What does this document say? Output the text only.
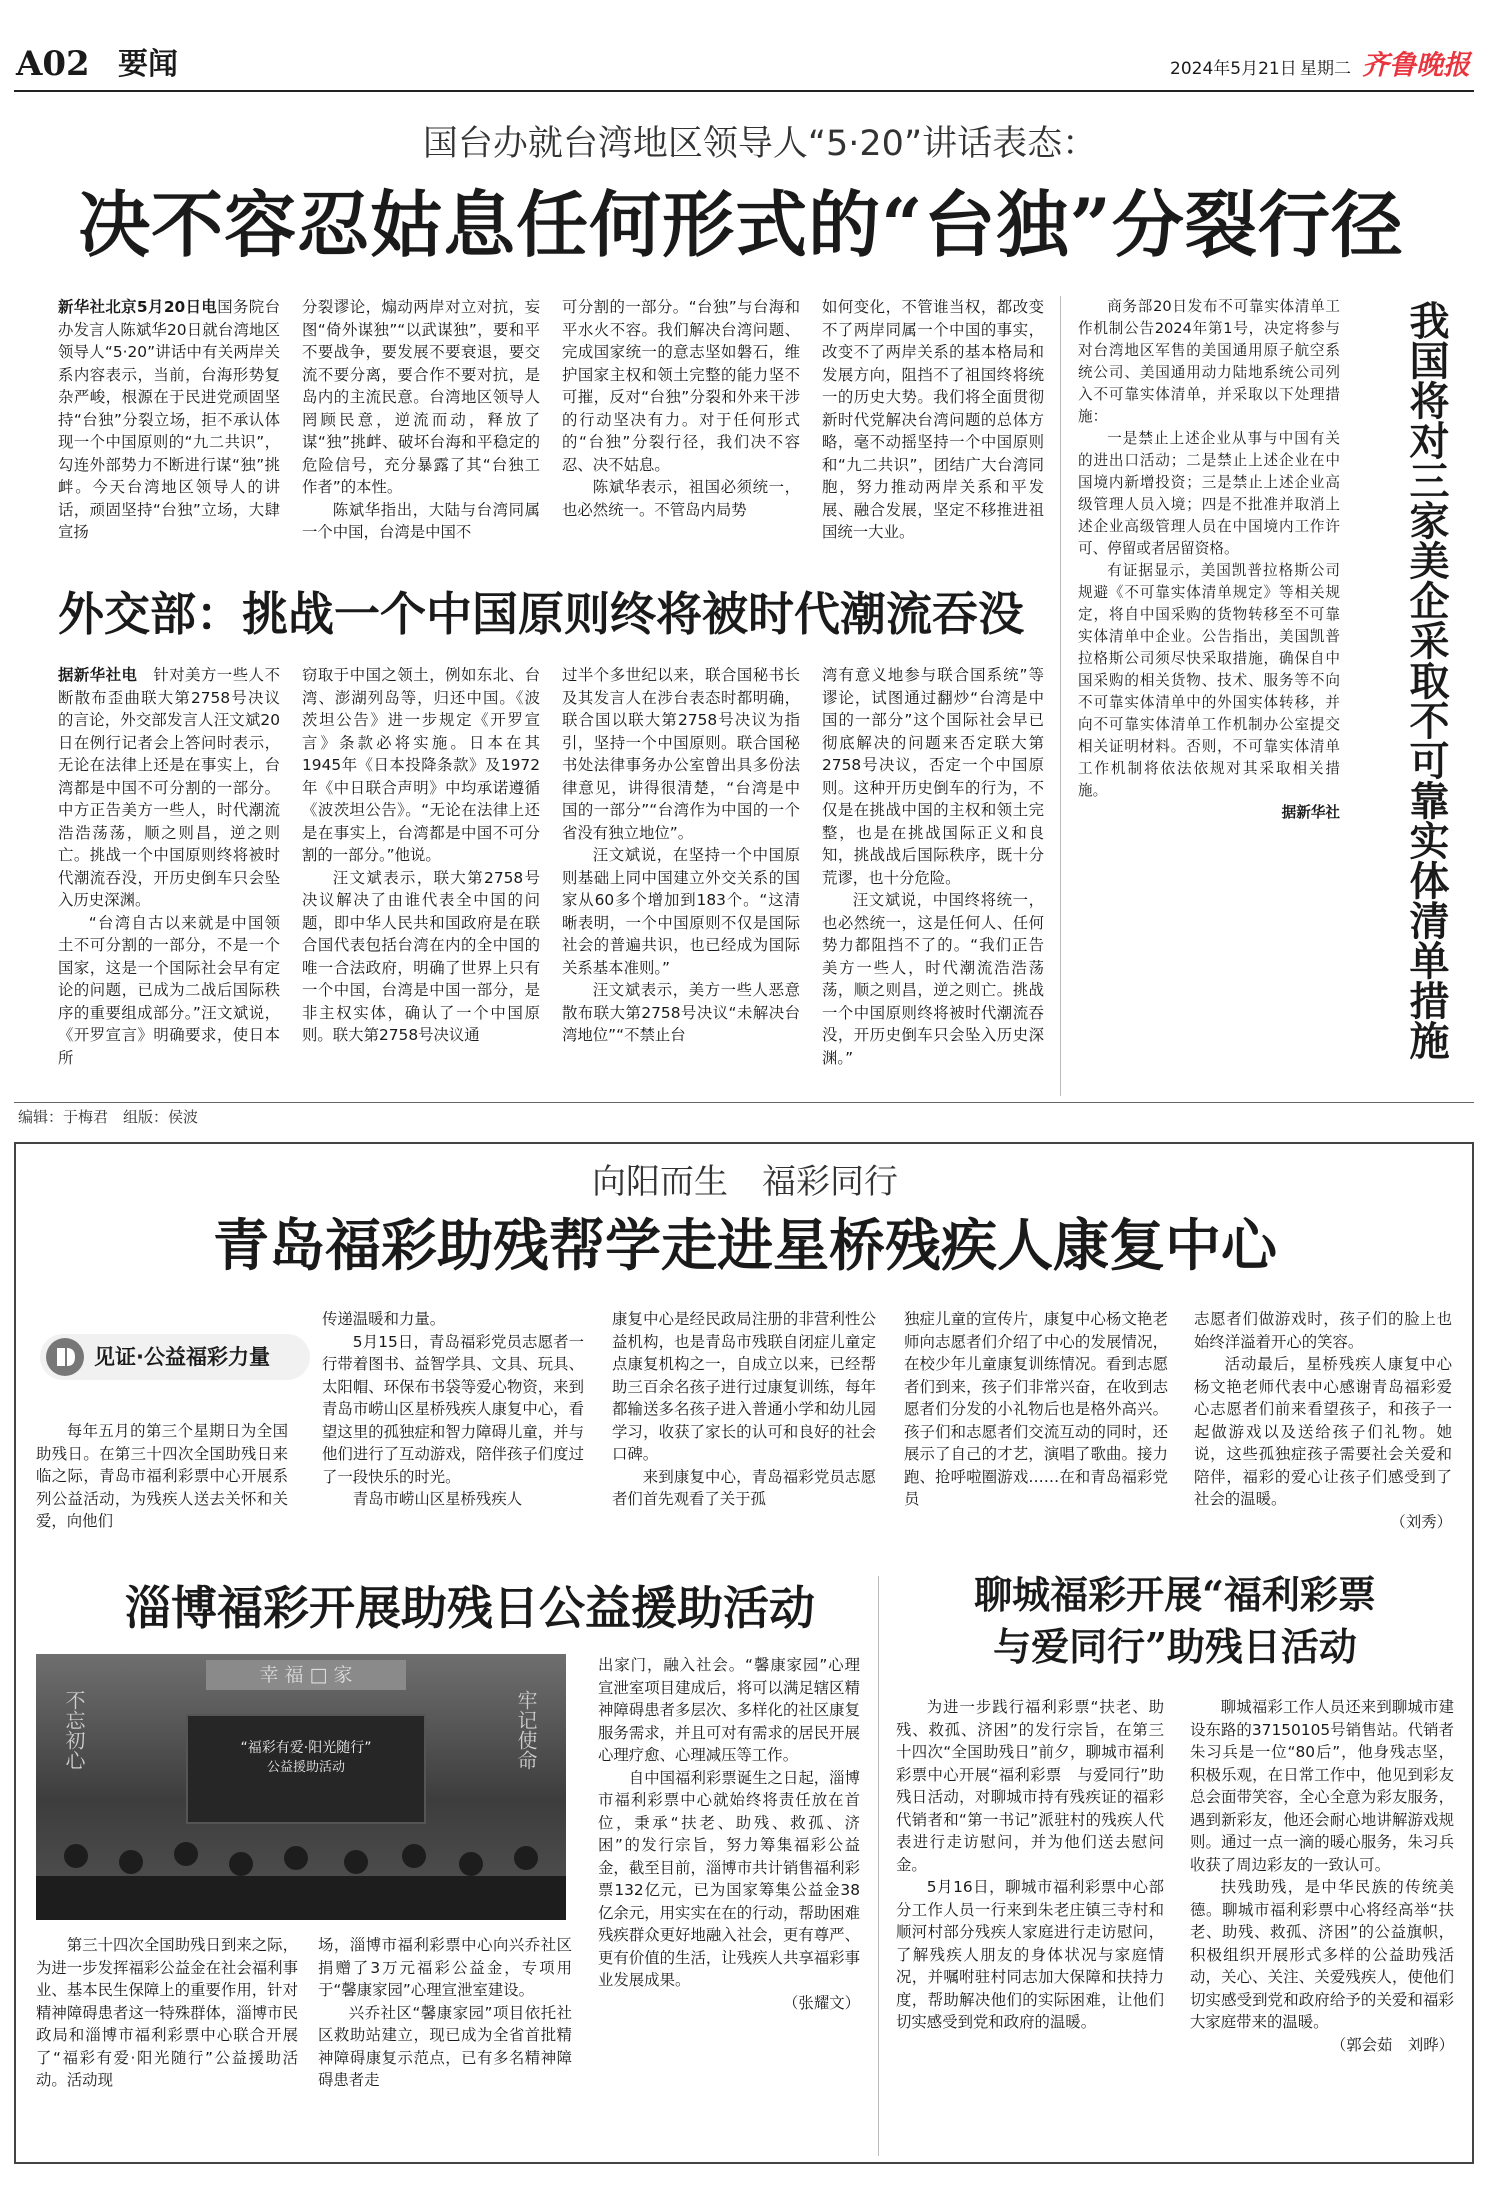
A02 要闻	2024年5月21日 星期二 齐鲁晚报
国台办就台湾地区领导人“5·20”讲话表态：
决不容忍姑息任何形式的“台独”分裂行径
新华社北京5月20日电国务院台办发言人陈斌华20日就台湾地区领导人“5·20”讲话中有关两岸关系内容表示，当前，台海形势复杂严峻，根源在于民进党顽固坚持“台独”分裂立场，拒不承认体现一个中国原则的“九二共识”，勾连外部势力不断进行谋“独”挑衅。今天台湾地区领导人的讲话，顽固坚持“台独”立场，大肆宣扬
分裂谬论，煽动两岸对立对抗，妄图“倚外谋独”“以武谋独”，要和平不要战争，要发展不要衰退，要交流不要分离，要合作不要对抗，是岛内的主流民意。台湾地区领导人罔顾民意，逆流而动，释放了谋“独”挑衅、破坏台海和平稳定的危险信号，充分暴露了其“台独工作者”的本性。
陈斌华指出，大陆与台湾同属一个中国，台湾是中国不
可分割的一部分。“台独”与台海和平水火不容。我们解决台湾问题、完成国家统一的意志坚如磐石，维护国家主权和领土完整的能力坚不可摧，反对“台独”分裂和外来干涉的行动坚决有力。对于任何形式的“台独”分裂行径，我们决不容忍、决不姑息。
陈斌华表示，祖国必须统一，也必然统一。不管岛内局势
如何变化，不管谁当权，都改变不了两岸同属一个中国的事实，改变不了两岸关系的基本格局和发展方向，阻挡不了祖国终将统一的历史大势。我们将全面贯彻新时代党解决台湾问题的总体方略，毫不动摇坚持一个中国原则和“九二共识”，团结广大台湾同胞，努力推动两岸关系和平发展、融合发展，坚定不移推进祖国统一大业。
商务部20日发布不可靠实体清单工作机制公告2024年第1号，决定将参与对台湾地区军售的美国通用原子航空系统公司、美国通用动力陆地系统公司列入不可靠实体清单，并采取以下处理措施：
一是禁止上述企业从事与中国有关的进出口活动；二是禁止上述企业在中国境内新增投资；三是禁止上述企业高级管理人员入境；四是不批准并取消上述企业高级管理人员在中国境内工作许可、停留或者居留资格。
有证据显示，美国凯普拉格斯公司规避《不可靠实体清单规定》等相关规定，将自中国采购的货物转移至不可靠实体清单中企业。公告指出，美国凯普拉格斯公司须尽快采取措施，确保自中国采购的相关货物、技术、服务等不向不可靠实体清单中的外国实体转移，并向不可靠实体清单工作机制办公室提交相关证明材料。否则，不可靠实体清单工作机制将依法依规对其采取相关措施。
据新华社	我国将对三家美企采取不可靠实体清单措施
外交部：挑战一个中国原则终将被时代潮流吞没
据新华社电　 针对美方一些人不断散布歪曲联大第2758号决议的言论，外交部发言人汪文斌20日在例行记者会上答问时表示，无论在法律上还是在事实上，台湾都是中国不可分割的一部分。中方正告美方一些人，时代潮流浩浩荡荡，顺之则昌，逆之则亡。挑战一个中国原则终将被时代潮流吞没，开历史倒车只会坠入历史深渊。
“台湾自古以来就是中国领土不可分割的一部分，不是一个国家，这是一个国际社会早有定论的问题，已成为二战后国际秩序的重要组成部分。”汪文斌说，《开罗宣言》明确要求，使日本所
窃取于中国之领土，例如东北、台湾、澎湖列岛等，归还中国。《波茨坦公告》进一步规定《开罗宣言》条款必将实施。日本在其1945年《日本投降条款》及1972年《中日联合声明》中均承诺遵循《波茨坦公告》。“无论在法律上还是在事实上，台湾都是中国不可分割的一部分。”他说。
汪文斌表示，联大第2758号决议解决了由谁代表全中国的问题，即中华人民共和国政府是在联合国代表包括台湾在内的全中国的唯一合法政府，明确了世界上只有一个中国，台湾是中国一部分，是非主权实体，确认了一个中国原则。联大第2758号决议通
过半个多世纪以来，联合国秘书长及其发言人在涉台表态时都明确，联合国以联大第2758号决议为指引，坚持一个中国原则。联合国秘书处法律事务办公室曾出具多份法律意见，讲得很清楚，“台湾是中国的一部分”“台湾作为中国的一个省没有独立地位”。
汪文斌说，在坚持一个中国原则基础上同中国建立外交关系的国家从60多个增加到183个。“这清晰表明，一个中国原则不仅是国际社会的普遍共识，也已经成为国际关系基本准则。”
汪文斌表示，美方一些人恶意散布联大第2758号决议“未解决台湾地位”“不禁止台
湾有意义地参与联合国系统”等谬论，试图通过翻炒“台湾是中国的一部分”这个国际社会早已彻底解决的问题来否定联大第2758号决议，否定一个中国原则。这种开历史倒车的行为，不仅是在挑战中国的主权和领土完整，也是在挑战国际正义和良知，挑战战后国际秩序，既十分荒谬，也十分危险。
汪文斌说，中国终将统一，也必然统一，这是任何人、任何势力都阻挡不了的。“我们正告美方一些人，时代潮流浩浩荡荡，顺之则昌，逆之则亡。挑战一个中国原则终将被时代潮流吞没，开历史倒车只会坠入历史深渊。”
编辑：于梅君　组版：侯波
向阳而生　福彩同行
青岛福彩助残帮学走进星桥残疾人康复中心
见证·公益福彩力量
每年五月的第三个星期日为全国助残日。在第三十四次全国助残日来临之际，青岛市福利彩票中心开展系列公益活动，为残疾人送去关怀和关爱，向他们
传递温暖和力量。
5月15日，青岛福彩党员志愿者一行带着图书、益智学具、文具、玩具、太阳帽、环保布书袋等爱心物资，来到青岛市崂山区星桥残疾人康复中心，看望这里的孤独症和智力障碍儿童，并与他们进行了互动游戏，陪伴孩子们度过了一段快乐的时光。
青岛市崂山区星桥残疾人
康复中心是经民政局注册的非营利性公益机构，也是青岛市残联自闭症儿童定点康复机构之一，自成立以来，已经帮助三百余名孩子进行过康复训练，每年都输送多名孩子进入普通小学和幼儿园学习，收获了家长的认可和良好的社会口碑。
来到康复中心，青岛福彩党员志愿者们首先观看了关于孤
独症儿童的宣传片，康复中心杨文艳老师向志愿者们介绍了中心的发展情况，在校少年儿童康复训练情况。看到志愿者们到来，孩子们非常兴奋，在收到志愿者们分发的小礼物后也是格外高兴。孩子们和志愿者们交流互动的同时，还展示了自己的才艺，演唱了歌曲。接力跑、抢呼啦圈游戏……在和青岛福彩党员
志愿者们做游戏时，孩子们的脸上也始终洋溢着开心的笑容。
活动最后，星桥残疾人康复中心杨文艳老师代表中心感谢青岛福彩爱心志愿者们前来看望孩子，和孩子一起做游戏以及送给孩子们礼物。她说，这些孤独症孩子需要社会关爱和陪伴，福彩的爱心让孩子们感受到了社会的温暖。
（刘秀）
淄博福彩开展助残日公益援助活动
幸 福 □ 家
不忘初心	牢记使命
“福彩有爱·阳光随行”
公益援助活动
第三十四次全国助残日到来之际，为进一步发挥福彩公益金在社会福利事业、基本民生保障上的重要作用，针对精神障碍患者这一特殊群体，淄博市民政局和淄博市福利彩票中心联合开展了“福彩有爱·阳光随行”公益援助活动。活动现
场，淄博市福利彩票中心向兴乔社区捐赠了3万元福彩公益金，专项用于“馨康家园”心理宣泄室建设。
兴乔社区“馨康家园”项目依托社区救助站建立，现已成为全省首批精神障碍康复示范点，已有多名精神障碍患者走
出家门，融入社会。“馨康家园”心理宣泄室项目建成后，将可以满足辖区精神障碍患者多层次、多样化的社区康复服务需求，并且可对有需求的居民开展心理疗愈、心理减压等工作。
自中国福利彩票诞生之日起，淄博市福利彩票中心就始终将责任放在首位，秉承“扶老、助残、救孤、济困”的发行宗旨，努力筹集福彩公益金，截至目前，淄博市共计销售福利彩票132亿元，已为国家筹集公益金38亿余元，用实实在在的行动，帮助困难残疾群众更好地融入社会，更有尊严、更有价值的生活，让残疾人共享福彩事业发展成果。
（张耀文）
聊城福彩开展“福利彩票
与爱同行”助残日活动
为进一步践行福利彩票“扶老、助残、救孤、济困”的发行宗旨，在第三十四次“全国助残日”前夕，聊城市福利彩票中心开展“福利彩票　与爱同行”助残日活动，对聊城市持有残疾证的福彩代销者和“第一书记”派驻村的残疾人代表进行走访慰问，并为他们送去慰问金。
5月16日，聊城市福利彩票中心部分工作人员一行来到朱老庄镇三寺村和顺河村部分残疾人家庭进行走访慰问，了解残疾人朋友的身体状况与家庭情况，并嘱咐驻村同志加大保障和扶持力度，帮助解决他们的实际困难，让他们切实感受到党和政府的温暖。
聊城福彩工作人员还来到聊城市建设东路的37150105号销售站。代销者朱习兵是一位“80后”，他身残志坚，积极乐观，在日常工作中，他见到彩友总会面带笑容，全心全意为彩友服务，遇到新彩友，他还会耐心地讲解游戏规则。通过一点一滴的暖心服务，朱习兵收获了周边彩友的一致认可。
扶残助残，是中华民族的传统美德。聊城市福利彩票中心将经高举“扶老、助残、救孤、济困”的公益旗帜，积极组织开展形式多样的公益助残活动，关心、关注、关爱残疾人，使他们切实感受到党和政府给予的关爱和福彩大家庭带来的温暖。
（郭会茹　刘晔）
